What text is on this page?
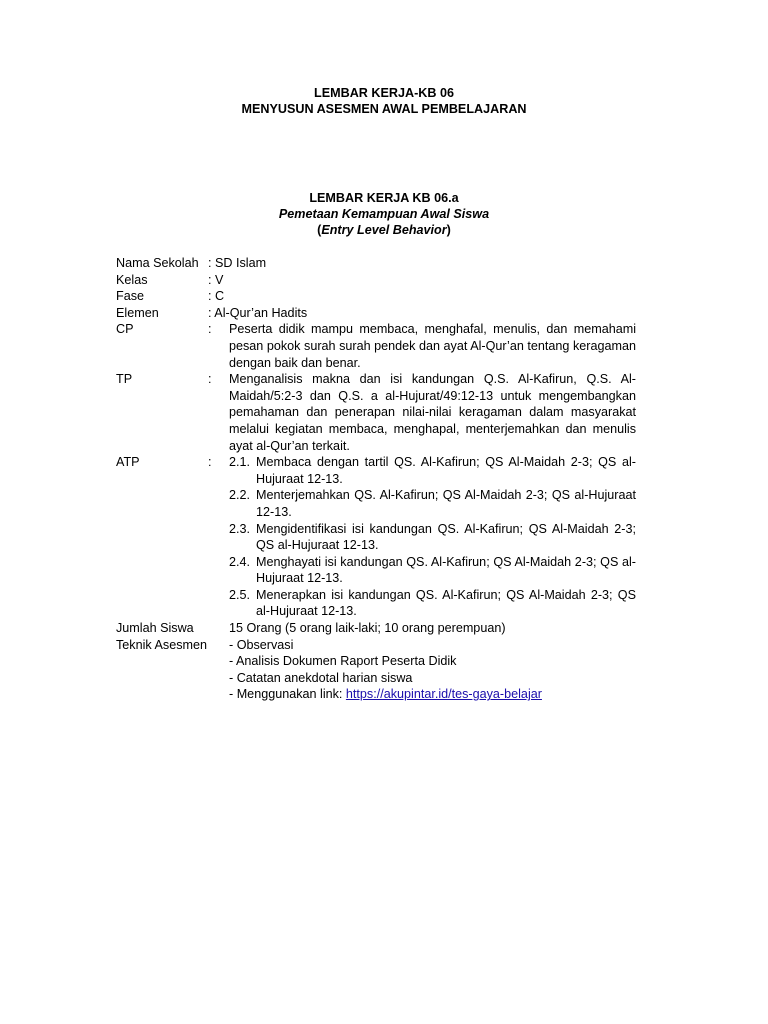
LEMBAR KERJA-KB 06
MENYUSUN ASESMEN AWAL PEMBELAJARAN
LEMBAR KERJA KB 06.a
Pemetaan Kemampuan Awal Siswa
(Entry Level Behavior)
Nama Sekolah : SD Islam
Kelas	: V
Fase	: C
Elemen	: Al-Qur’an Hadits
CP	:	Peserta didik mampu membaca, menghafal, menulis, dan memahami pesan pokok surah surah pendek dan ayat Al-Qur’an tentang keragaman dengan baik dan benar.
TP	:	Menganalisis makna dan isi kandungan Q.S. Al-Kafirun, Q.S. Al-Maidah/5:2-3 dan Q.S. a al-Hujurat/49:12-13 untuk mengembangkan pemahaman dan penerapan nilai-nilai keragaman dalam masyarakat melalui kegiatan membaca, menghapal, menterjemahkan dan menulis ayat al-Qur’an terkait.
ATP	:	2.1. Membaca dengan tartil QS. Al-Kafirun; QS Al-Maidah 2-3; QS al-Hujuraat 12-13.
2.2. Menterjemahkan QS. Al-Kafirun; QS Al-Maidah 2-3; QS al-Hujuraat 12-13.
2.3. Mengidentifikasi isi kandungan QS. Al-Kafirun; QS Al-Maidah 2-3; QS al-Hujuraat 12-13.
2.4. Menghayati isi kandungan QS. Al-Kafirun; QS Al-Maidah 2-3; QS al-Hujuraat 12-13.
2.5. Menerapkan isi kandungan QS. Al-Kafirun; QS Al-Maidah 2-3; QS al-Hujuraat 12-13.
Jumlah Siswa	15 Orang (5 orang laik-laki; 10 orang perempuan)
Teknik Asesmen - Observasi
- Analisis Dokumen Raport Peserta Didik
- Catatan anekdotal harian siswa
- Menggunakan link: https://akupintar.id/tes-gaya-belajar
